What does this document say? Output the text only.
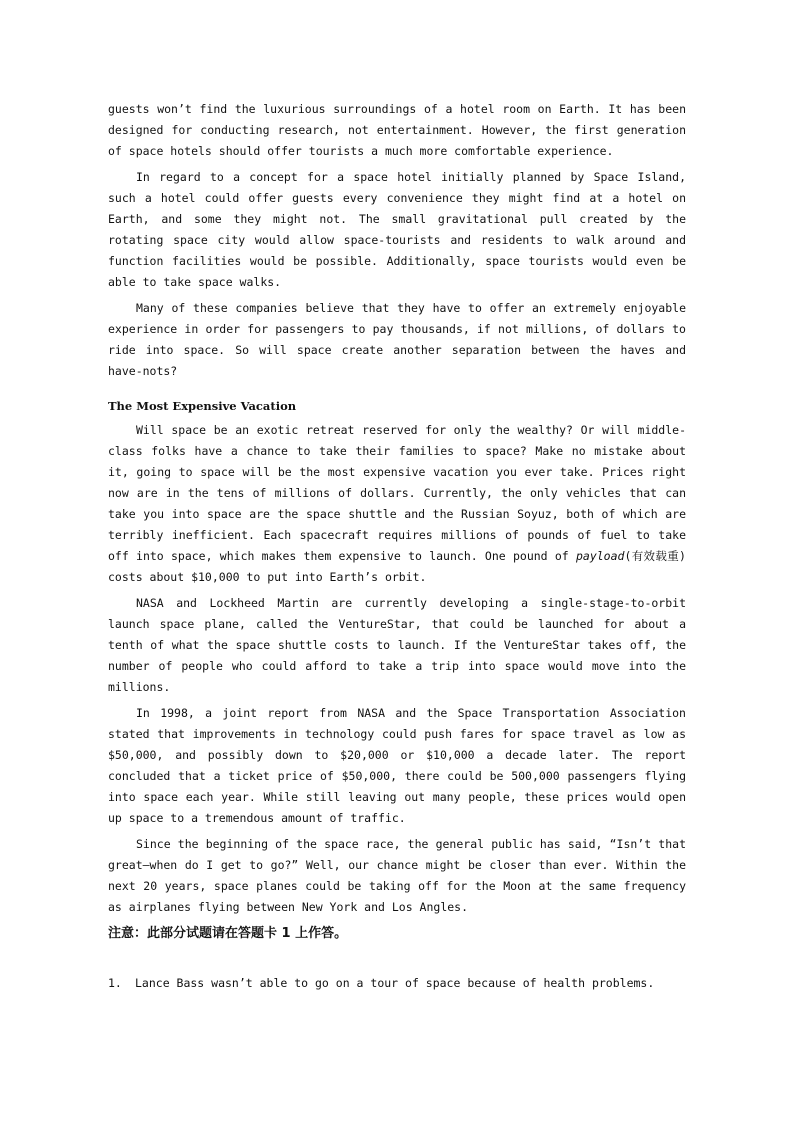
guests won’t find the luxurious surroundings of a hotel room on Earth. It has been designed for conducting research, not entertainment. However, the first generation of space hotels should offer tourists a much more comfortable experience.

In regard to a concept for a space hotel initially planned by Space Island, such a hotel could offer guests every convenience they might find at a hotel on Earth, and some they might not. The small gravitational pull created by the rotating space city would allow space-tourists and residents to walk around and function facilities would be possible. Additionally, space tourists would even be able to take space walks.

Many of these companies believe that they have to offer an extremely enjoyable experience in order for passengers to pay thousands, if not millions, of dollars to ride into space. So will space create another separation between the haves and have-nots?

The Most Expensive Vacation

Will space be an exotic retreat reserved for only the wealthy? Or will middle-class folks have a chance to take their families to space? Make no mistake about it, going to space will be the most expensive vacation you ever take. Prices right now are in the tens of millions of dollars. Currently, the only vehicles that can take you into space are the space shuttle and the Russian Soyuz, both of which are terribly inefficient. Each spacecraft requires millions of pounds of fuel to take off into space, which makes them expensive to launch. One pound of payload(有效载重) costs about $10,000 to put into Earth’s orbit.

NASA and Lockheed Martin are currently developing a single-stage-to-orbit launch space plane, called the VentureStar, that could be launched for about a tenth of what the space shuttle costs to launch. If the VentureStar takes off, the number of people who could afford to take a trip into space would move into the millions.

In 1998, a joint report from NASA and the Space Transportation Association stated that improvements in technology could push fares for space travel as low as $50,000, and possibly down to $20,000 or $10,000 a decade later. The report concluded that a ticket price of $50,000, there could be 500,000 passengers flying into space each year. While still leaving out many people, these prices would open up space to a tremendous amount of traffic.

Since the beginning of the space race, the general public has said, “Isn’t that great—when do I get to go?” Well, our chance might be closer than ever. Within the next 20 years, space planes could be taking off for the Moon at the same frequency as airplanes flying between New York and Los Angles.

注意：此部分试题请在答题卡 1 上作答。
1.	Lance Bass wasn’t able to go on a tour of space because of health problems.
